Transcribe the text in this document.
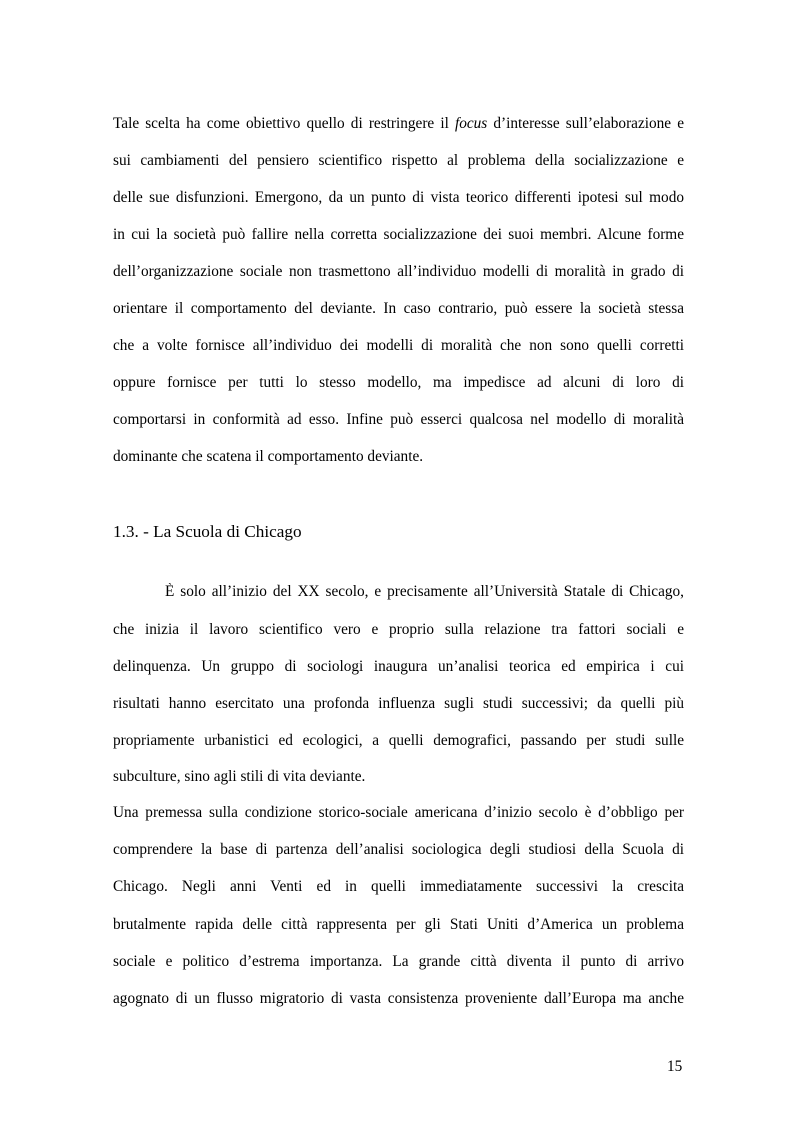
Tale scelta ha come obiettivo quello di restringere il focus d’interesse sull’elaborazione e
sui cambiamenti del pensiero scientifico rispetto al problema della socializzazione e
delle sue disfunzioni. Emergono, da un punto di vista teorico differenti ipotesi sul modo
in cui la società può fallire nella corretta socializzazione dei suoi membri. Alcune forme
dell’organizzazione sociale non trasmettono all’individuo modelli di moralità in grado di
orientare il comportamento del deviante. In caso contrario, può essere la società stessa
che a volte fornisce all’individuo dei modelli di moralità che non sono quelli corretti
oppure fornisce per tutti lo stesso modello, ma impedisce ad alcuni di loro di
comportarsi in conformità ad esso. Infine può esserci qualcosa nel modello di moralità
dominante che scatena il comportamento deviante.
1.3. - La Scuola di Chicago
È solo all’inizio del XX secolo, e precisamente all’Università Statale di Chicago,
che inizia il lavoro scientifico vero e proprio sulla relazione tra fattori sociali e
delinquenza. Un gruppo di sociologi inaugura un’analisi teorica ed empirica i cui
risultati hanno esercitato una profonda influenza sugli studi successivi; da quelli più
propriamente urbanistici ed ecologici, a quelli demografici, passando per studi sulle
subculture, sino agli stili di vita deviante.
Una premessa sulla condizione storico-sociale americana d’inizio secolo è d’obbligo per
comprendere la base di partenza dell’analisi sociologica degli studiosi della Scuola di
Chicago. Negli anni Venti ed in quelli immediatamente successivi la crescita
brutalmente rapida delle città rappresenta per gli Stati Uniti d’America un problema
sociale e politico d’estrema importanza. La grande città diventa il punto di arrivo
agognato di un flusso migratorio di vasta consistenza proveniente dall’Europa ma anche
15
